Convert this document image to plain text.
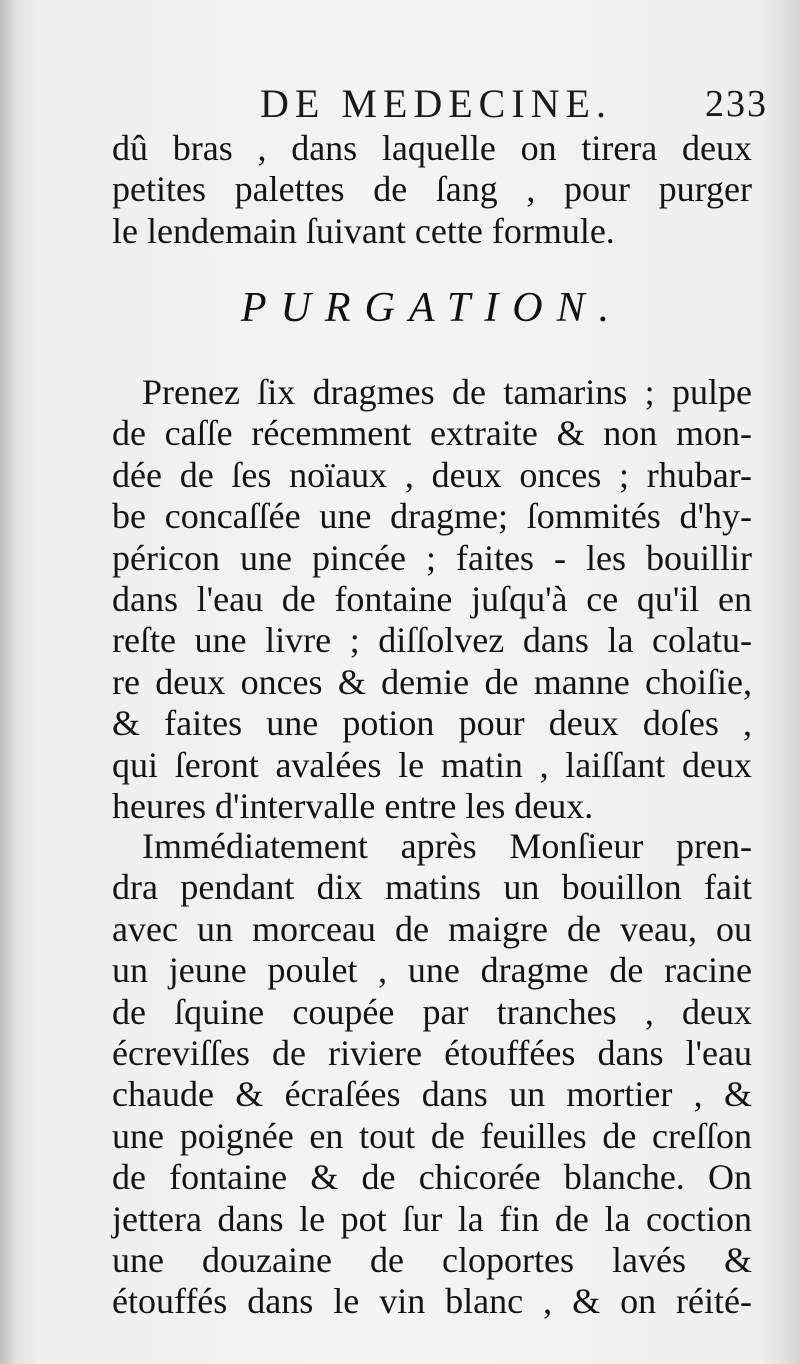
DE MEDECINE. 233
dû bras , dans laquelle on tirera deux
petites palettes de ſang , pour purger
le lendemain ſuivant cette formule.
PURGATION.
Prenez ſix dragmes de tamarins ; pulpe
de caſſe récemment extraite & non mon-
dée de ſes noïaux , deux onces ; rhubar-
be concaſſée une dragme; ſommités d'hy-
péricon une pincée ; faites - les bouillir
dans l'eau de fontaine juſqu'à ce qu'il en
reſte une livre ; diſſolvez dans la colatu-
re deux onces & demie de manne choiſie,
& faites une potion pour deux doſes ,
qui ſeront avalées le matin , laiſſant deux
heures d'intervalle entre les deux.
Immédiatement après Monſieur pren-
dra pendant dix matins un bouillon fait
avec un morceau de maigre de veau, ou
un jeune poulet , une dragme de racine
de ſquine coupée par tranches , deux
écreviſſes de riviere étouffées dans l'eau
chaude & écraſées dans un mortier , &
une poignée en tout de feuilles de creſſon
de fontaine & de chicorée blanche. On
jettera dans le pot ſur la fin de la coction
une douzaine de cloportes lavés &
étouffés dans le vin blanc , & on réité-
